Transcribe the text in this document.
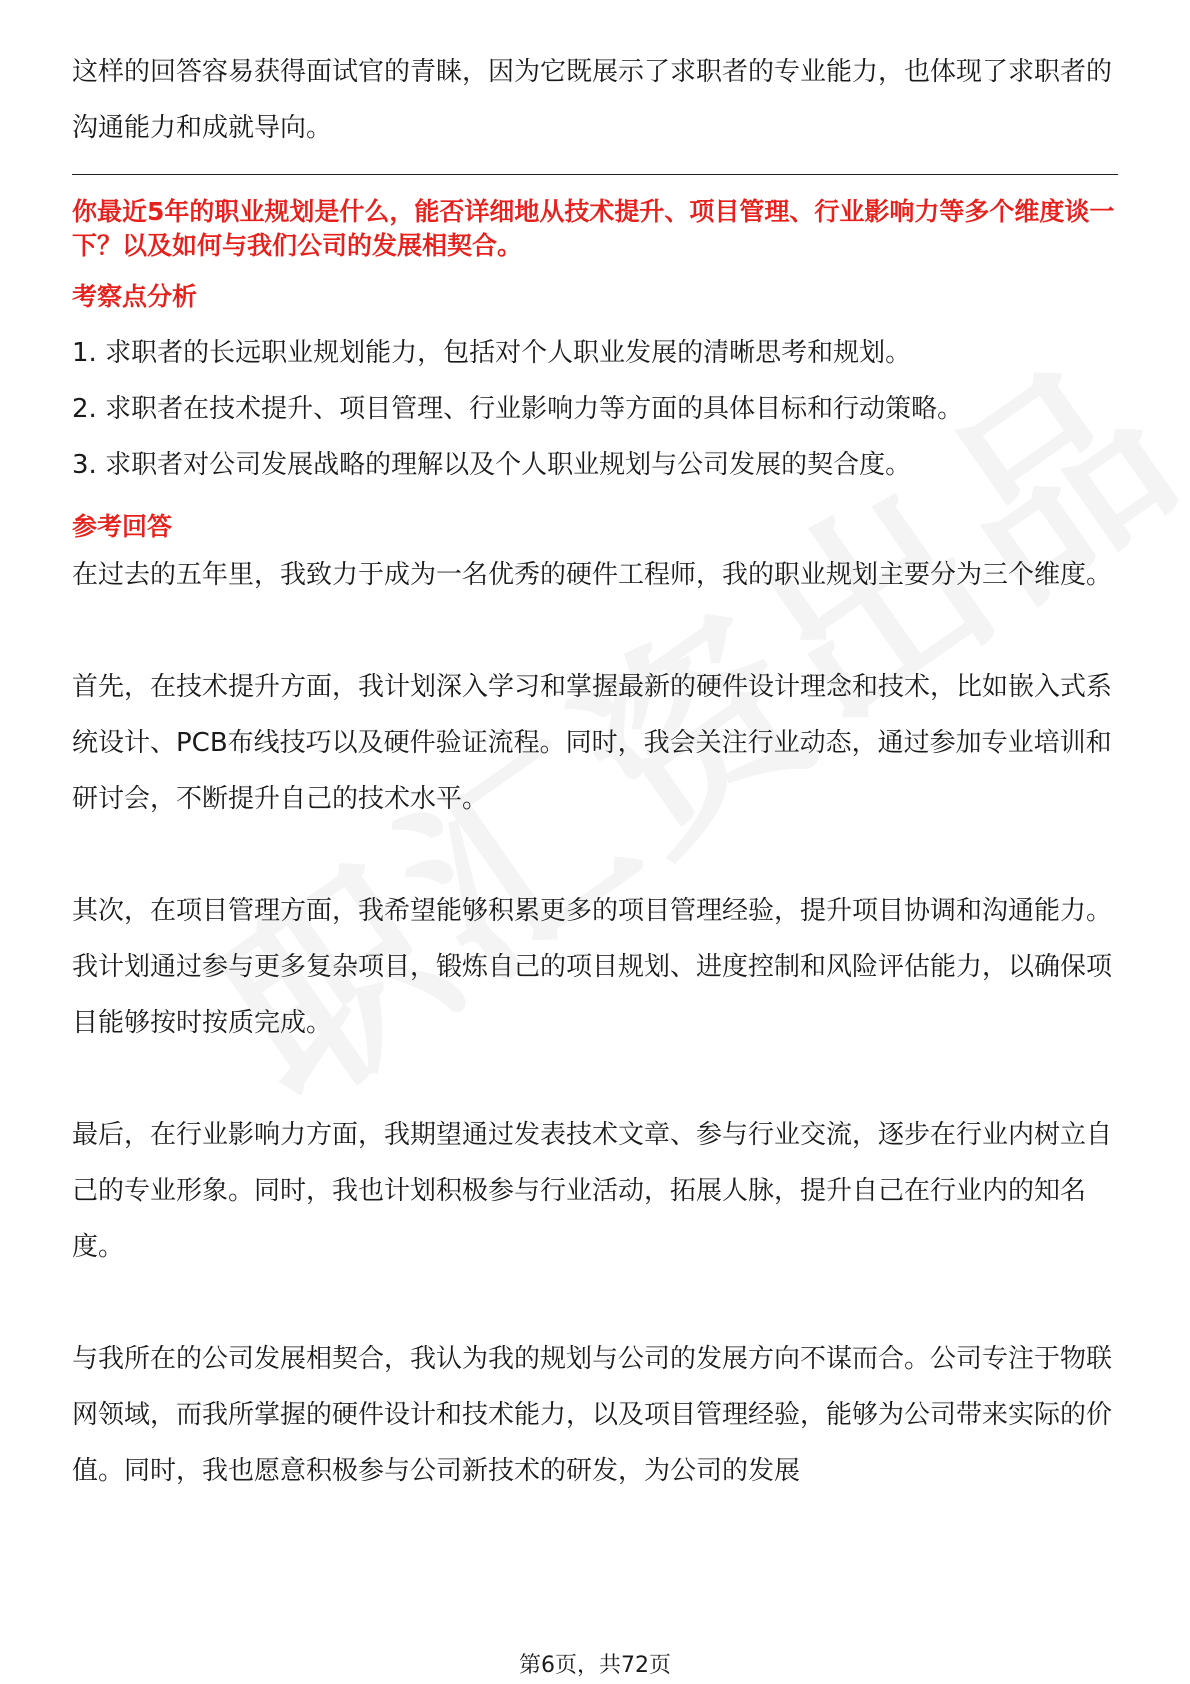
这样的回答容易获得面试官的青睐，因为它既展示了求职者的专业能力，也体现了求职者的沟通能力和成就导向。

你最近5年的职业规划是什么，能否详细地从技术提升、项目管理、行业影响力等多个维度谈一下？以及如何与我们公司的发展相契合。

考察点分析
1. 求职者的长远职业规划能力，包括对个人职业发展的清晰思考和规划。
2. 求职者在技术提升、项目管理、行业影响力等方面的具体目标和行动策略。
3. 求职者对公司发展战略的理解以及个人职业规划与公司发展的契合度。
参考回答

在过去的五年里，我致力于成为一名优秀的硬件工程师，我的职业规划主要分为三个维度。

首先，在技术提升方面，我计划深入学习和掌握最新的硬件设计理念和技术，比如嵌入式系统设计、PCB布线技巧以及硬件验证流程。同时，我会关注行业动态，通过参加专业培训和研讨会，不断提升自己的技术水平。

其次，在项目管理方面，我希望能够积累更多的项目管理经验，提升项目协调和沟通能力。我计划通过参与更多复杂项目，锻炼自己的项目规划、进度控制和风险评估能力，以确保项目能够按时按质完成。

最后，在行业影响力方面，我期望通过发表技术文章、参与行业交流，逐步在行业内树立自己的专业形象。同时，我也计划积极参与行业活动，拓展人脉，提升自己在行业内的知名度。

与我所在的公司发展相契合，我认为我的规划与公司的发展方向不谋而合。公司专注于物联网领域，而我所掌握的硬件设计和技术能力，以及项目管理经验，能够为公司带来实际的价值。同时，我也愿意积极参与公司新技术的研发，为公司的发展

第6页，共72页
